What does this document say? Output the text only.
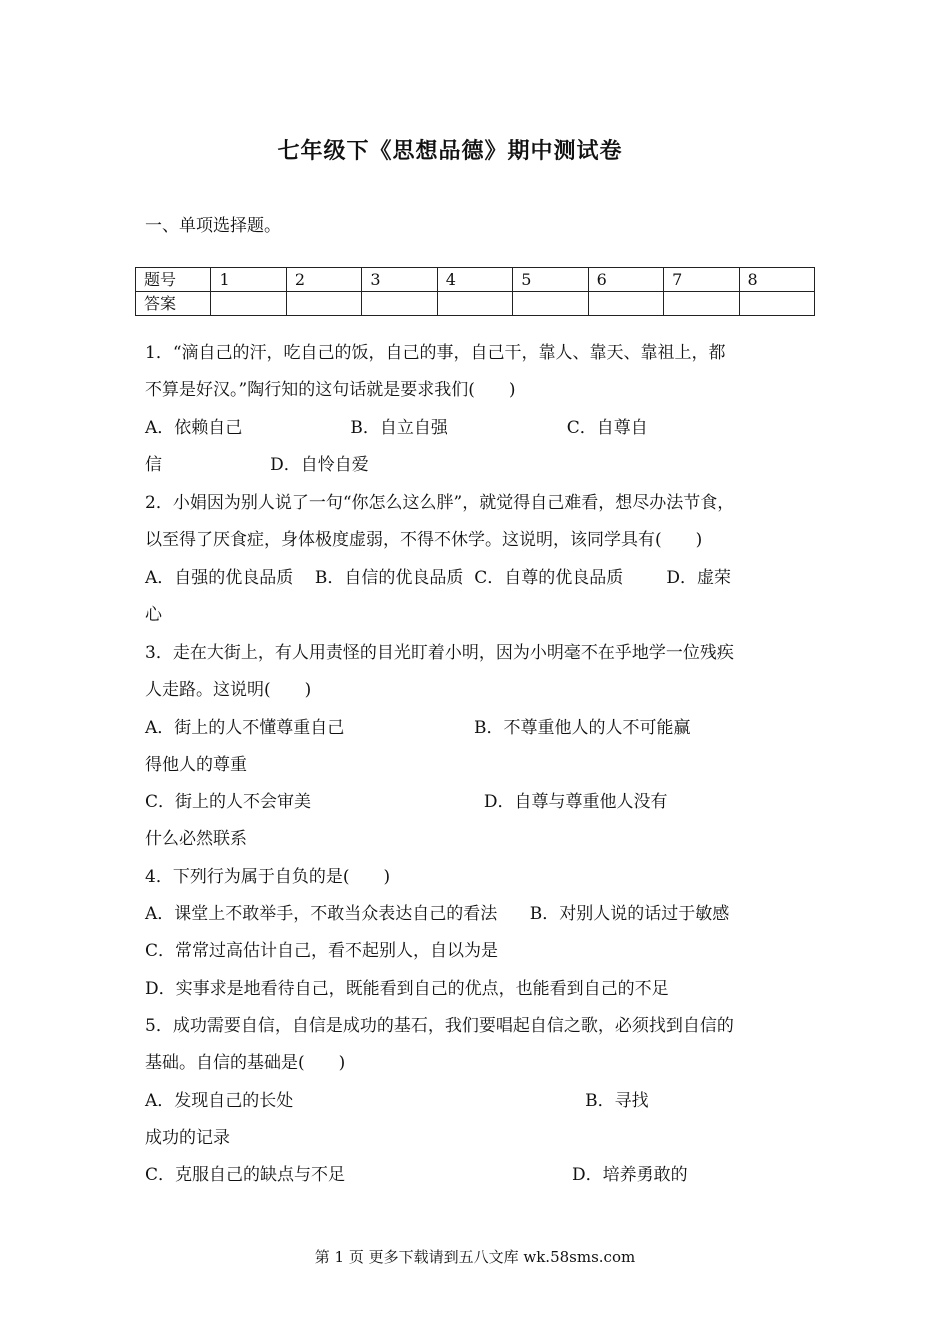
七年级下《思想品德》期中测试卷
一、单项选择题。
题号	1	2	3	4	5	6	7	8
答案								
1．“滴自己的汗，吃自己的饭，自己的事，自己干，靠人、靠天、靠祖上，都
不算是好汉。”陶行知的这句话就是要求我们(　　)
A．依赖自己                    B．自立自强                      C．自尊自
信                    D．自怜自爱
2．小娟因为别人说了一句“你怎么这么胖”，就觉得自己难看，想尽办法节食，
以至得了厌食症，身体极度虚弱，不得不休学。这说明，该同学具有(　　)
A．自强的优良品质    B．自信的优良品质  C．自尊的优良品质        D．虚荣
心
3．走在大街上，有人用责怪的目光盯着小明，因为小明毫不在乎地学一位残疾
人走路。这说明(　　)
A．街上的人不懂尊重自己                        B．不尊重他人的人不可能赢
得他人的尊重
C．街上的人不会审美                                D．自尊与尊重他人没有
什么必然联系
4．下列行为属于自负的是(　　)
A．课堂上不敢举手，不敢当众表达自己的看法      B．对别人说的话过于敏感
C．常常过高估计自己，看不起别人，自以为是
D．实事求是地看待自己，既能看到自己的优点，也能看到自己的不足
5．成功需要自信，自信是成功的基石，我们要唱起自信之歌，必须找到自信的
基础。自信的基础是(　　)
A．发现自己的长处                                                      B．寻找
成功的记录
C．克服自己的缺点与不足                                          D．培养勇敢的
第 1 页 更多下载请到五八文库 wk.58sms.com
